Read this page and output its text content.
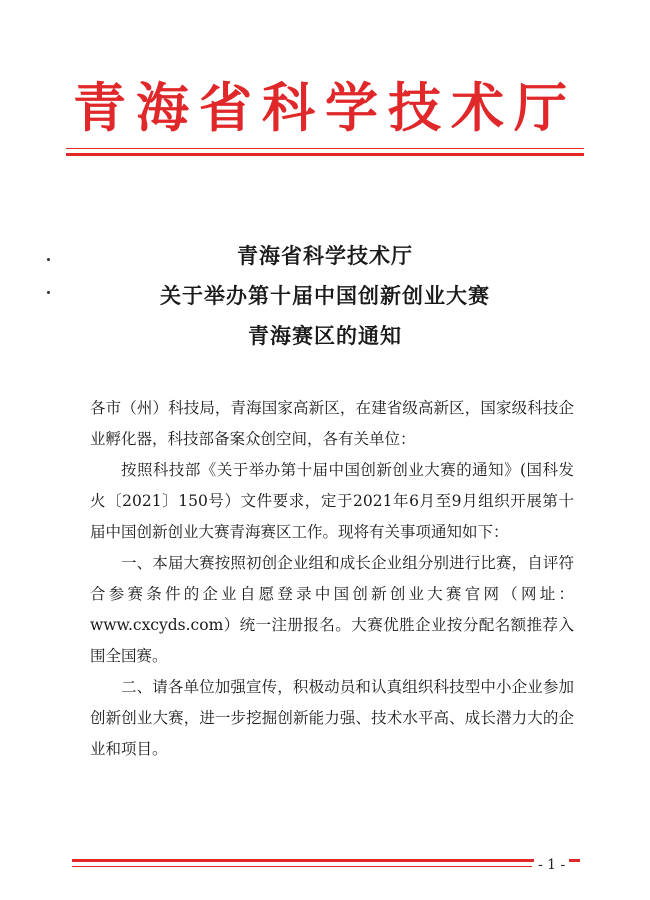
青海省科学技术厅
青海省科学技术厅
关于举办第十届中国创新创业大赛
青海赛区的通知

各市（州）科技局，青海国家高新区，在建省级高新区，国家级科技企业孵化器，科技部备案众创空间，各有关单位：

按照科技部《关于举办第十届中国创新创业大赛的通知》(国科发火〔2021〕150号）文件要求，定于2021年6月至9月组织开展第十届中国创新创业大赛青海赛区工作。现将有关事项通知如下：

一、本届大赛按照初创企业组和成长企业组分别进行比赛，自评符合参赛条件的企业自愿登录中国创新创业大赛官网（网址：www.cxcyds.com）统一注册报名。大赛优胜企业按分配名额推荐入围全国赛。

二、请各单位加强宣传，积极动员和认真组织科技型中小企业参加创新创业大赛，进一步挖掘创新能力强、技术水平高、成长潜力大的企业和项目。

- 1 -
